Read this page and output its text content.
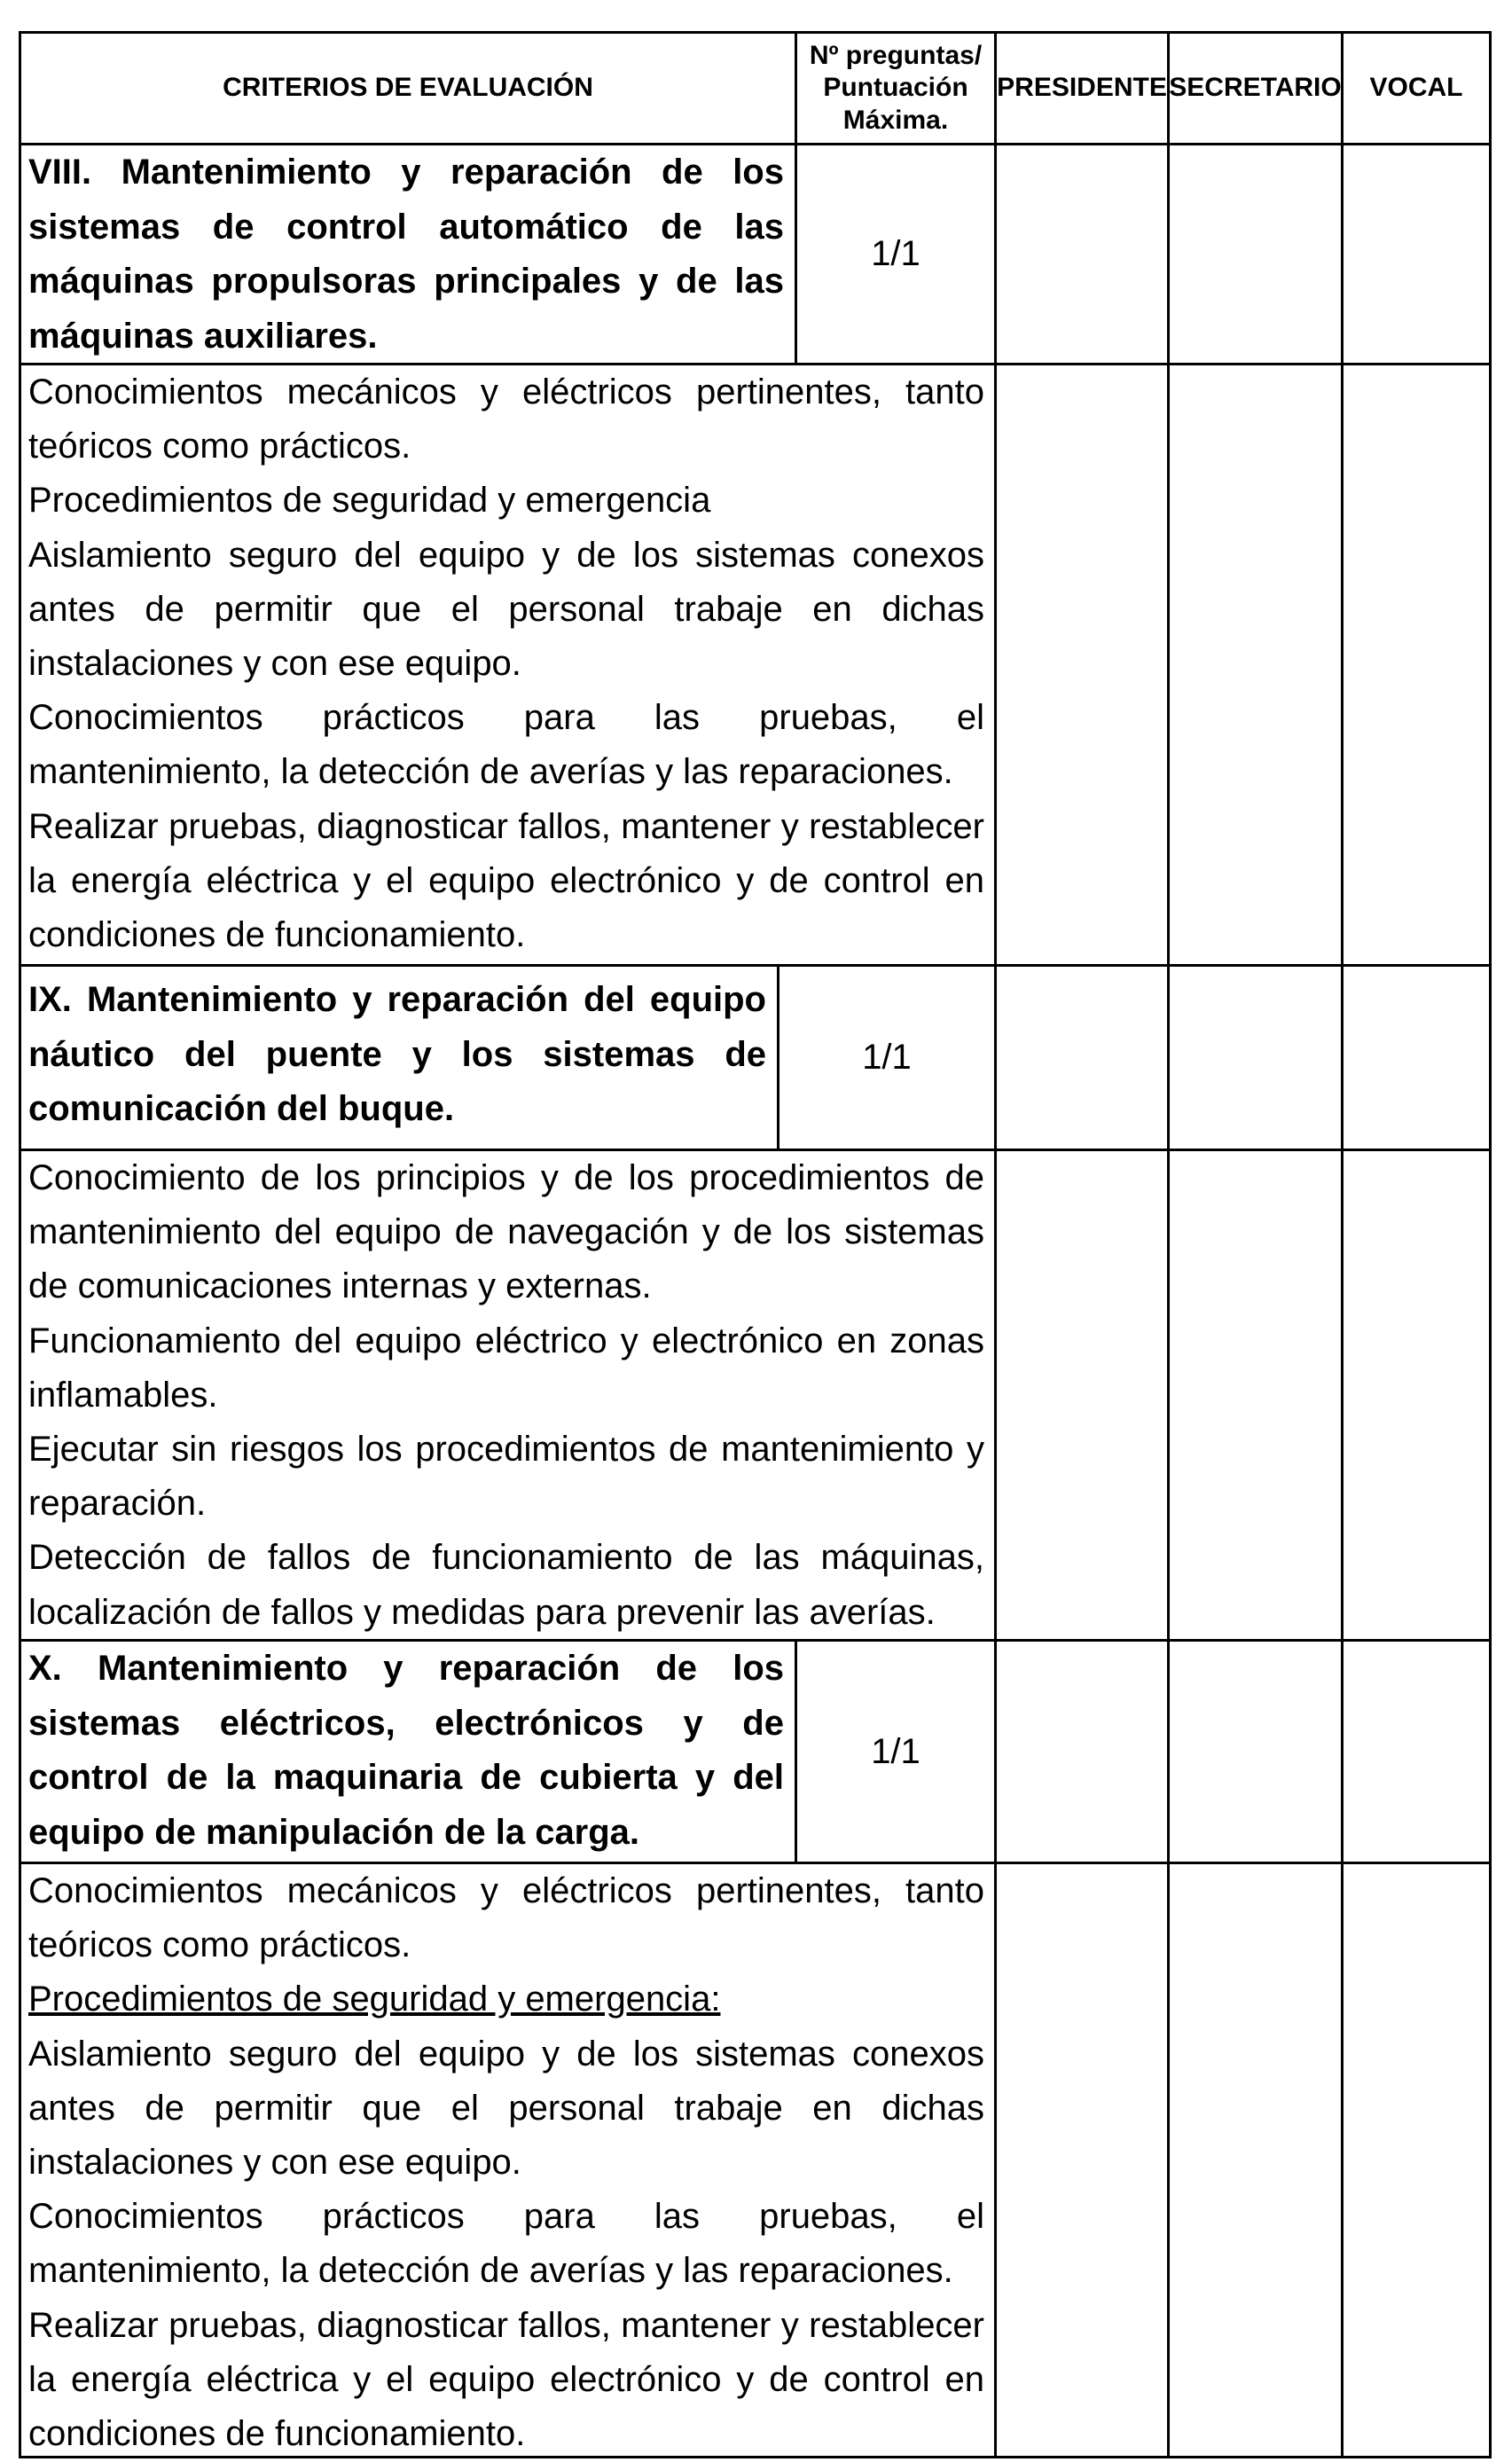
CRITERIOS DE EVALUACIÓN
Nº preguntas/
Puntuación
Máxima.
PRESIDENTE SECRETARIO VOCAL
VIII. Mantenimiento y reparación de los sistemas de control automático de las máquinas propulsoras principales y de las máquinas auxiliares.
1/1

Conocimientos mecánicos y eléctricos pertinentes, tanto teóricos como prácticos.

Procedimientos de seguridad y emergencia

Aislamiento seguro del equipo y de los sistemas conexos antes de permitir que el personal trabaje en dichas instalaciones y con ese equipo.

Conocimientos prácticos para las pruebas, el mantenimiento, la detección de averías y las reparaciones.

Realizar pruebas, diagnosticar fallos, mantener y restablecer la energía eléctrica y el equipo electrónico y de control en condiciones de funcionamiento.

IX. Mantenimiento y reparación del equipo náutico del puente y los sistemas de comunicación del buque.
1/1

Conocimiento de los principios y de los procedimientos de mantenimiento del equipo de navegación y de los sistemas de comunicaciones internas y externas.

Funcionamiento del equipo eléctrico y electrónico en zonas inflamables.

Ejecutar sin riesgos los procedimientos de mantenimiento y reparación.

Detección de fallos de funcionamiento de las máquinas, localización de fallos y medidas para prevenir las averías.

X. Mantenimiento y reparación de los sistemas eléctricos, electrónicos y de control de la maquinaria de cubierta y del equipo de manipulación de la carga.
1/1

Conocimientos mecánicos y eléctricos pertinentes, tanto teóricos como prácticos.

Procedimientos de seguridad y emergencia:

Aislamiento seguro del equipo y de los sistemas conexos antes de permitir que el personal trabaje en dichas instalaciones y con ese equipo.

Conocimientos prácticos para las pruebas, el mantenimiento, la detección de averías y las reparaciones.

Realizar pruebas, diagnosticar fallos, mantener y restablecer la energía eléctrica y el equipo electrónico y de control en condiciones de funcionamiento.
